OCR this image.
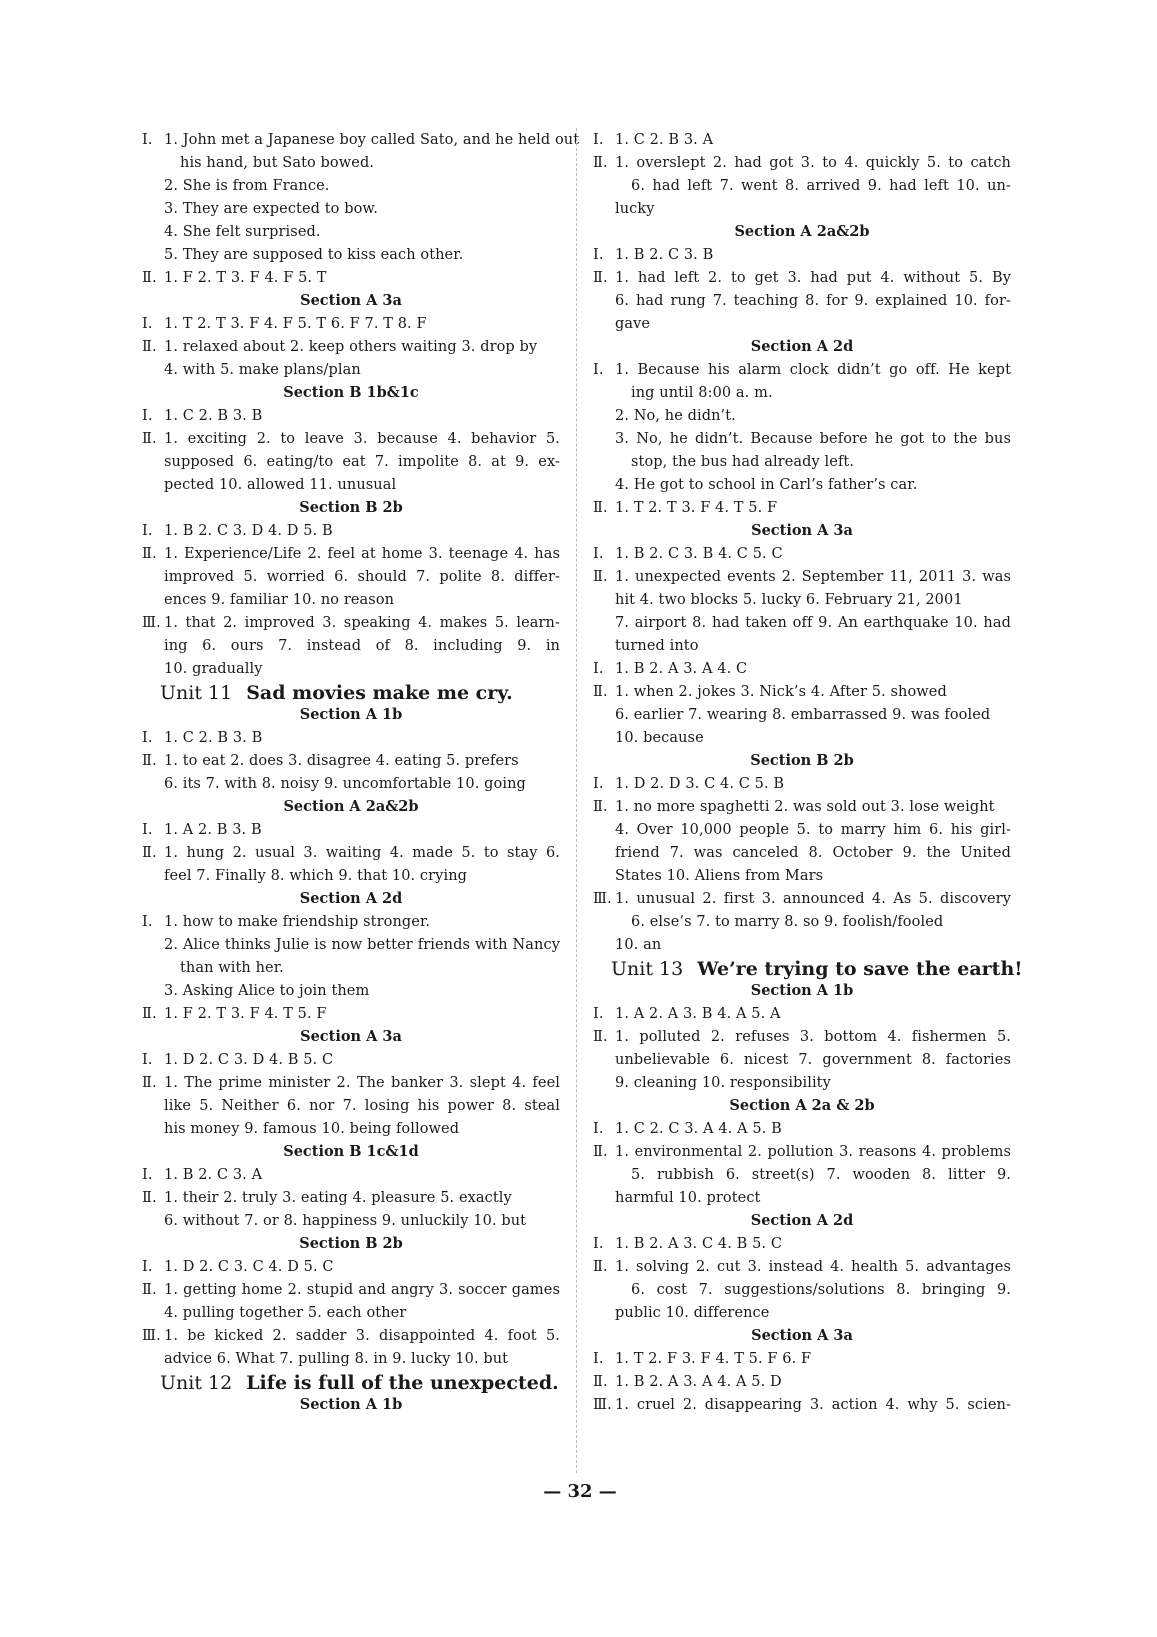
Ⅰ. 1. John met a Japanese boy called Sato, and he held out
his hand, but Sato bowed.
2. She is from France.
3. They are expected to bow.
4. She felt surprised.
5. They are supposed to kiss each other.
Ⅱ. 1. F 2. T 3. F 4. F 5. T
Section A 3a
Ⅰ. 1. T 2. T 3. F 4. F 5. T 6. F 7. T 8. F
Ⅱ. 1. relaxed about 2. keep others waiting 3. drop by
4. with 5. make plans/plan
Section B 1b&1c
Ⅰ. 1. C 2. B 3. B
Ⅱ. 1. exciting 2. to leave 3. because 4. behavior 5.
supposed 6. eating/to eat 7. impolite 8. at 9. ex-
pected 10. allowed 11. unusual
Section B 2b
Ⅰ. 1. B 2. C 3. D 4. D 5. B
Ⅱ. 1. Experience/Life 2. feel at home 3. teenage 4. has
improved 5. worried 6. should 7. polite 8. differ-
ences 9. familiar 10. no reason
Ⅲ. 1. that 2. improved 3. speaking 4. makes 5. learn-
ing 6. ours 7. instead of 8. including 9. in
10. gradually
Unit 11 Sad movies make me cry.
Section A 1b
Ⅰ. 1. C 2. B 3. B
Ⅱ. 1. to eat 2. does 3. disagree 4. eating 5. prefers
6. its 7. with 8. noisy 9. uncomfortable 10. going
Section A 2a&2b
Ⅰ. 1. A 2. B 3. B
Ⅱ. 1. hung 2. usual 3. waiting 4. made 5. to stay 6.
feel 7. Finally 8. which 9. that 10. crying
Section A 2d
Ⅰ. 1. how to make friendship stronger.
2. Alice thinks Julie is now better friends with Nancy
than with her.
3. Asking Alice to join them
Ⅱ. 1. F 2. T 3. F 4. T 5. F
Section A 3a
Ⅰ. 1. D 2. C 3. D 4. B 5. C
Ⅱ. 1. The prime minister 2. The banker 3. slept 4. feel
like 5. Neither 6. nor 7. losing his power 8. steal
his money 9. famous 10. being followed
Section B 1c&1d
Ⅰ. 1. B 2. C 3. A
Ⅱ. 1. their 2. truly 3. eating 4. pleasure 5. exactly
6. without 7. or 8. happiness 9. unluckily 10. but
Section B 2b
Ⅰ. 1. D 2. C 3. C 4. D 5. C
Ⅱ. 1. getting home 2. stupid and angry 3. soccer games
4. pulling together 5. each other
Ⅲ. 1. be kicked 2. sadder 3. disappointed 4. foot 5.
advice 6. What 7. pulling 8. in 9. lucky 10. but
Unit 12 Life is full of the unexpected.
Section A 1b
Ⅰ. 1. C 2. B 3. A
Ⅱ. 1. overslept 2. had got 3. to 4. quickly 5. to catch
6. had left 7. went 8. arrived 9. had left 10. un-
lucky
Section A 2a&2b
Ⅰ. 1. B 2. C 3. B
Ⅱ. 1. had left 2. to get 3. had put 4. without 5. By
6. had rung 7. teaching 8. for 9. explained 10. for-
gave
Section A 2d
Ⅰ. 1. Because his alarm clock didn’t go off. He kept
ing until 8:00 a. m.
2. No, he didn’t.
3. No, he didn’t. Because before he got to the bus
stop, the bus had already left.
4. He got to school in Carl’s father’s car.
Ⅱ. 1. T 2. T 3. F 4. T 5. F
Section A 3a
Ⅰ. 1. B 2. C 3. B 4. C 5. C
Ⅱ. 1. unexpected events 2. September 11, 2011 3. was
hit 4. two blocks 5. lucky 6. February 21, 2001
7. airport 8. had taken off 9. An earthquake 10. had
turned into
Ⅰ. 1. B 2. A 3. A 4. C
Ⅱ. 1. when 2. jokes 3. Nick’s 4. After 5. showed
6. earlier 7. wearing 8. embarrassed 9. was fooled
10. because
Section B 2b
Ⅰ. 1. D 2. D 3. C 4. C 5. B
Ⅱ. 1. no more spaghetti 2. was sold out 3. lose weight
4. Over 10,000 people 5. to marry him 6. his girl-
friend 7. was canceled 8. October 9. the United
States 10. Aliens from Mars
Ⅲ. 1. unusual 2. first 3. announced 4. As 5. discovery
6. else’s 7. to marry 8. so 9. foolish/fooled
10. an
Unit 13 We’re trying to save the earth!
Section A 1b
Ⅰ. 1. A 2. A 3. B 4. A 5. A
Ⅱ. 1. polluted 2. refuses 3. bottom 4. fishermen 5.
unbelievable 6. nicest 7. government 8. factories
9. cleaning 10. responsibility
Section A 2a & 2b
Ⅰ. 1. C 2. C 3. A 4. A 5. B
Ⅱ. 1. environmental 2. pollution 3. reasons 4. problems
5. rubbish 6. street(s) 7. wooden 8. litter 9.
harmful 10. protect
Section A 2d
Ⅰ. 1. B 2. A 3. C 4. B 5. C
Ⅱ. 1. solving 2. cut 3. instead 4. health 5. advantages
6. cost 7. suggestions/solutions 8. bringing 9.
public 10. difference
Section A 3a
Ⅰ. 1. T 2. F 3. F 4. T 5. F 6. F
Ⅱ. 1. B 2. A 3. A 4. A 5. D
Ⅲ. 1. cruel 2. disappearing 3. action 4. why 5. scien-
— 32 —
